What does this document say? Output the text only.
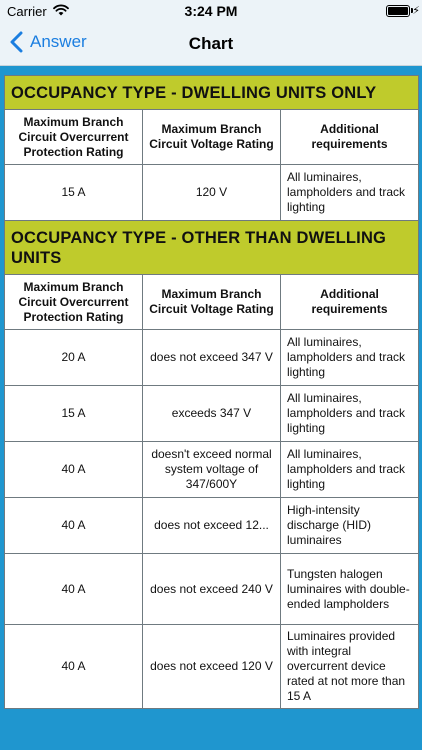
Carrier	3:24 PM	⚡
Answer	Chart
OCCUPANCY TYPE - DWELLING UNITS ONLY		
Maximum Branch Circuit Overcurrent Protection Rating	Maximum Branch Circuit Voltage Rating	Additional requirements
15 A	120 V	All luminaires, lampholders and track lighting
OCCUPANCY TYPE - OTHER THAN DWELLING UNITS		
Maximum Branch Circuit Overcurrent Protection Rating	Maximum Branch Circuit Voltage Rating	Additional requirements
20 A	does not exceed 347 V	All luminaires, lampholders and track lighting
15 A	exceeds 347 V	All luminaires, lampholders and track lighting
40 A	doesn't exceed normal system voltage of 347/600Y	All luminaires, lampholders and track lighting
40 A	does not exceed 12...	High-intensity discharge (HID) luminaires
40 A	does not exceed 240 V	Tungsten halogen luminaires with double-ended lampholders
40 A	does not exceed 120 V	Luminaires provided with integral overcurrent device rated at not more than 15 A
